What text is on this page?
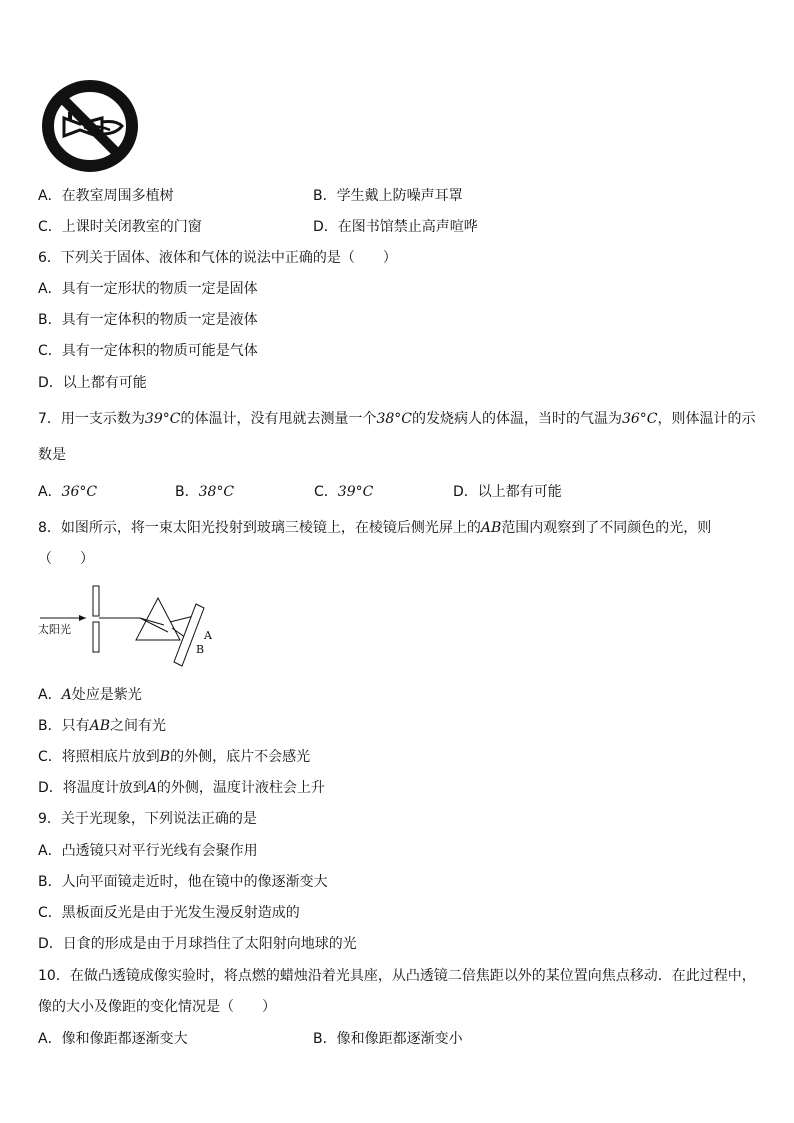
A．在教室周围多植树	B．学生戴上防噪声耳罩
C．上课时关闭教室的门窗	D．在图书馆禁止高声喧哗
6．下列关于固体、液体和气体的说法中正确的是（　　）
A．具有一定形状的物质一定是固体
B．具有一定体积的物质一定是液体
C．具有一定体积的物质可能是气体
D．以上都有可能
7．用一支示数为39°C的体温计，没有甩就去测量一个38°C的发烧病人的体温，当时的气温为36°C，则体温计的示
数是
A．36°C	B．38°C	C．39°C	D．以上都有可能
8．如图所示，将一束太阳光投射到玻璃三棱镜上，在棱镜后侧光屏上的AB范围内观察到了不同颜色的光，则
（　　）
太阳光	A
B
A．A处应是紫光
B．只有AB之间有光
C．将照相底片放到B的外侧，底片不会感光
D．将温度计放到A的外侧，温度计液柱会上升
9．关于光现象，下列说法正确的是
A．凸透镜只对平行光线有会聚作用
B．人向平面镜走近时，他在镜中的像逐渐变大
C．黑板面反光是由于光发生漫反射造成的
D．日食的形成是由于月球挡住了太阳射向地球的光
10．在做凸透镜成像实验时，将点燃的蜡烛沿着光具座，从凸透镜二倍焦距以外的某位置向焦点移动．在此过程中，
像的大小及像距的变化情况是（　　）
A．像和像距都逐渐变大	B．像和像距都逐渐变小
